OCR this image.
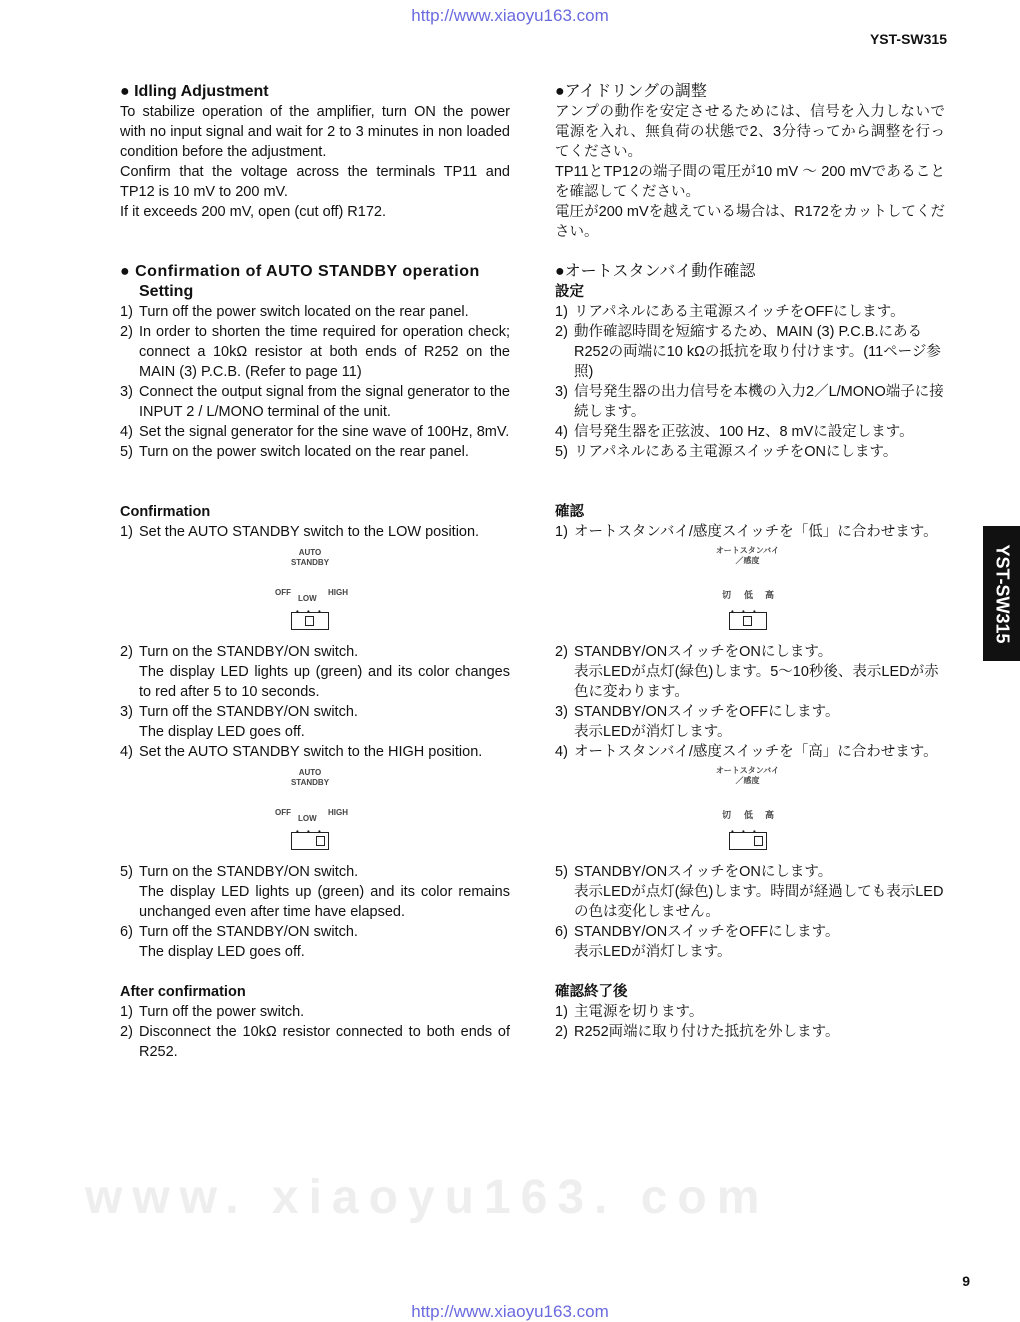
www. xiaoyu163. com
http://www.xiaoyu163.com
YST-SW315
http://www.xiaoyu163.com
9
YST-SW315
● Idling Adjustment
To stabilize operation of the amplifier, turn ON the power with no input signal and wait for 2 to 3 minutes in non loaded condition before the adjustment.
Confirm that the voltage across the terminals TP11 and TP12 is 10 mV to 200 mV.
If it exceeds 200 mV, open (cut off) R172.
● Confirmation of AUTO STANDBY operation
Setting
1) Turn off the power switch located on the rear panel.
2) In order to shorten the time required for operation check; connect a 10kΩ resistor at both ends of R252 on the MAIN (3) P.C.B. (Refer to page 11)
3) Connect the output signal from the signal generator to the INPUT 2 / L/MONO terminal of the unit.
4) Set the signal generator for the sine wave of 100Hz, 8mV.
5) Turn on the power switch located on the rear panel.
Confirmation
1) Set the AUTO STANDBY switch to the LOW position.
AUTO
STANDBY
OFF
LOW
HIGH
• • •
2) Turn on the STANDBY/ON switch.
The display LED lights up (green) and its color changes to red after 5 to 10 seconds.
3) Turn off the STANDBY/ON switch.
The display LED goes off.
4) Set the AUTO STANDBY switch to the HIGH position.
AUTO
STANDBY
OFF
LOW
HIGH
• • •
5) Turn on the STANDBY/ON switch.
The display LED lights up (green) and its color remains unchanged even after time have elapsed.
6) Turn off the STANDBY/ON switch.
The display LED goes off.
After confirmation
1) Turn off the power switch.
2) Disconnect the 10kΩ resistor connected to both ends of R252.
●アイドリングの調整
アンプの動作を安定させるためには、信号を入力しないで電源を入れ、無負荷の状態で2、3分待ってから調整を行ってください。
TP11とTP12の端子間の電圧が10 mV 〜 200 mVであることを確認してください。
電圧が200 mVを越えている場合は、R172をカットしてください。
●オートスタンバイ動作確認
設定
1) リアパネルにある主電源スイッチをOFFにします。
2) 動作確認時間を短縮するため、MAIN (3) P.C.B.にあるR252の両端に10 kΩの抵抗を取り付けます。(11ページ参照)
3) 信号発生器の出力信号を本機の入力2／L/MONO端子に接続します。
4) 信号発生器を正弦波、100 Hz、8 mVに設定します。
5) リアパネルにある主電源スイッチをONにします。
確認
1) オートスタンバイ/感度スイッチを「低」に合わせます。
オートスタンバイ
／感度
切 低 高
• • •
2) STANDBY/ONスイッチをONにします。
表示LEDが点灯(緑色)します。5〜10秒後、表示LEDが赤色に変わります。
3) STANDBY/ONスイッチをOFFにします。
表示LEDが消灯します。
4) オートスタンバイ/感度スイッチを「高」に合わせます。
オートスタンバイ
／感度
切 低 高
• • •
5) STANDBY/ONスイッチをONにします。
表示LEDが点灯(緑色)します。時間が経過しても表示LEDの色は変化しません。
6) STANDBY/ONスイッチをOFFにします。
表示LEDが消灯します。
確認終了後
1) 主電源を切ります。
2) R252両端に取り付けた抵抗を外します。
